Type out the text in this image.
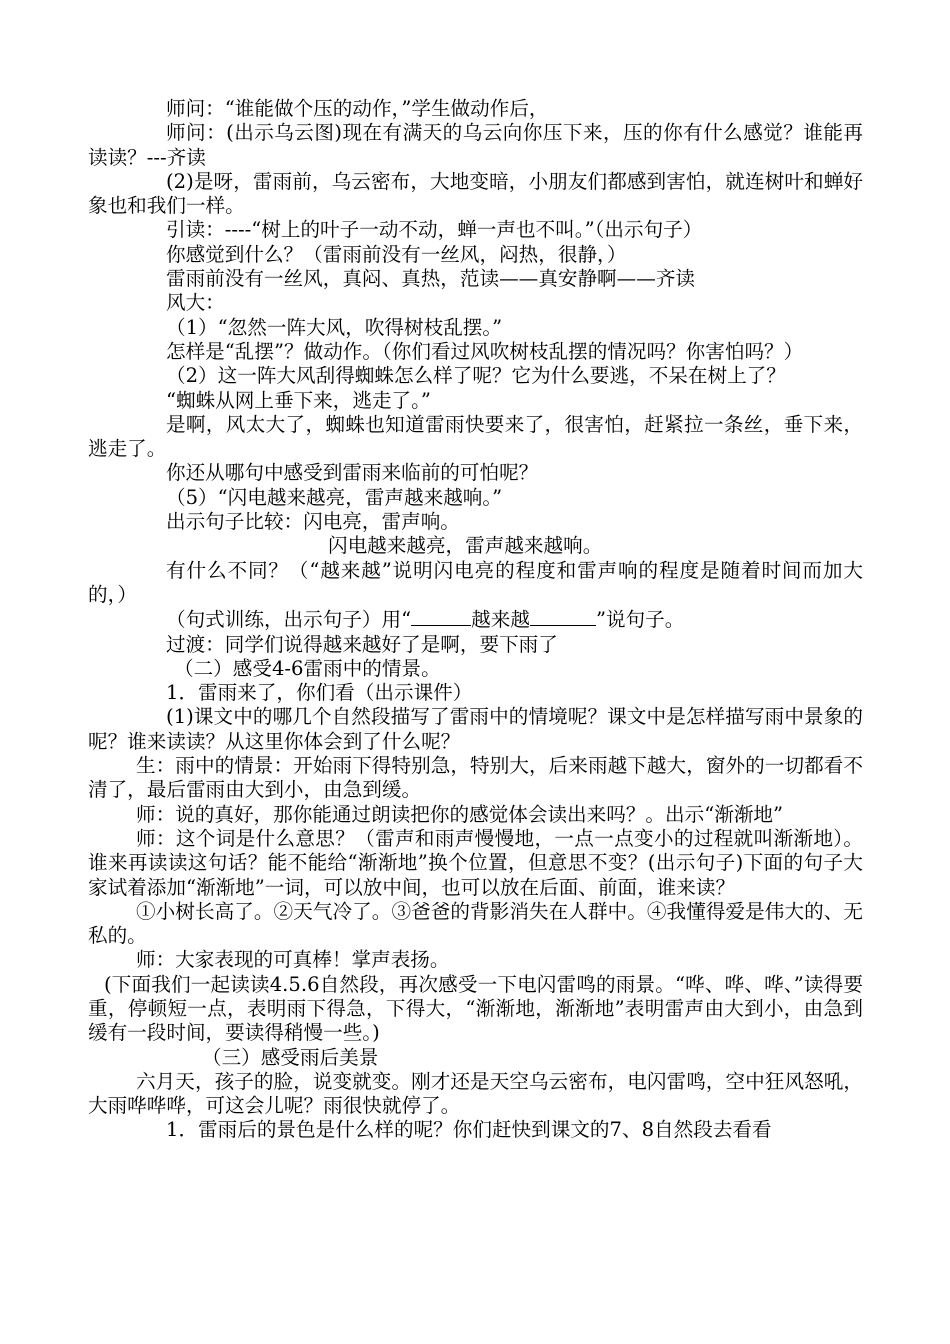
师问：“谁能做个压的动作，”学生做动作后，

师问：(出示乌云图)现在有满天的乌云向你压下来，压的你有什么感觉？谁能再读读？---齐读

(2)是呀，雷雨前，乌云密布，大地变暗，小朋友们都感到害怕，就连树叶和蝉好象也和我们一样。

引读：----“树上的叶子一动不动，蝉一声也不叫。”（出示句子）

你感觉到什么？（雷雨前没有一丝风，闷热，很静，）

雷雨前没有一丝风，真闷、真热，范读——真安静啊——齐读

风大：

（1）“忽然一阵大风，吹得树枝乱摆。”

怎样是“乱摆”？做动作。（你们看过风吹树枝乱摆的情况吗？你害怕吗？）

（2）这一阵大风刮得蜘蛛怎么样了呢？它为什么要逃，不呆在树上了？

“蜘蛛从网上垂下来，逃走了。”

是啊，风太大了，蜘蛛也知道雷雨快要来了，很害怕，赶紧拉一条丝，垂下来，逃走了。

你还从哪句中感受到雷雨来临前的可怕呢？

（5）“闪电越来越亮，雷声越来越响。”

出示句子比较：闪电亮，雷声响。

闪电越来越亮，雷声越来越响。

有什么不同？（“越来越”说明闪电亮的程度和雷声响的程度是随着时间而加大的，）

（句式训练，出示句子）用“	越来越	”说句子。

过渡：同学们说得越来越好了是啊，要下雨了

（二）感受4-6雷雨中的情景。

1．雷雨来了，你们看（出示课件）

(1)课文中的哪几个自然段描写了雷雨中的情境呢？课文中是怎样描写雨中景象的呢？谁来读读？从这里你体会到了什么呢？

生：雨中的情景：开始雨下得特别急，特别大，后来雨越下越大，窗外的一切都看不清了，最后雷雨由大到小，由急到缓。

师：说的真好，那你能通过朗读把你的感觉体会读出来吗？。出示“渐渐地”

师：这个词是什么意思？（雷声和雨声慢慢地，一点一点变小的过程就叫渐渐地）。谁来再读读这句话？能不能给“渐渐地”换个位置，但意思不变？(出示句子)下面的句子大家试着添加“渐渐地”一词，可以放中间，也可以放在后面、前面，谁来读？

①小树长高了。②天气冷了。③爸爸的背影消失在人群中。④我懂得爱是伟大的、无私的。

师：大家表现的可真棒！掌声表扬。

(下面我们一起读读4.5.6自然段，再次感受一下电闪雷鸣的雨景。“哗、哗、哗、”读得要重，停顿短一点，表明雨下得急，下得大，“渐渐地，渐渐地”表明雷声由大到小，由急到缓有一段时间，要读得稍慢一些。)

（三）感受雨后美景

六月天，孩子的脸，说变就变。刚才还是天空乌云密布，电闪雷鸣，空中狂风怒吼，大雨哗哗哗，可这会儿呢？雨很快就停了。

1．雷雨后的景色是什么样的呢？你们赶快到课文的7、8自然段去看看
